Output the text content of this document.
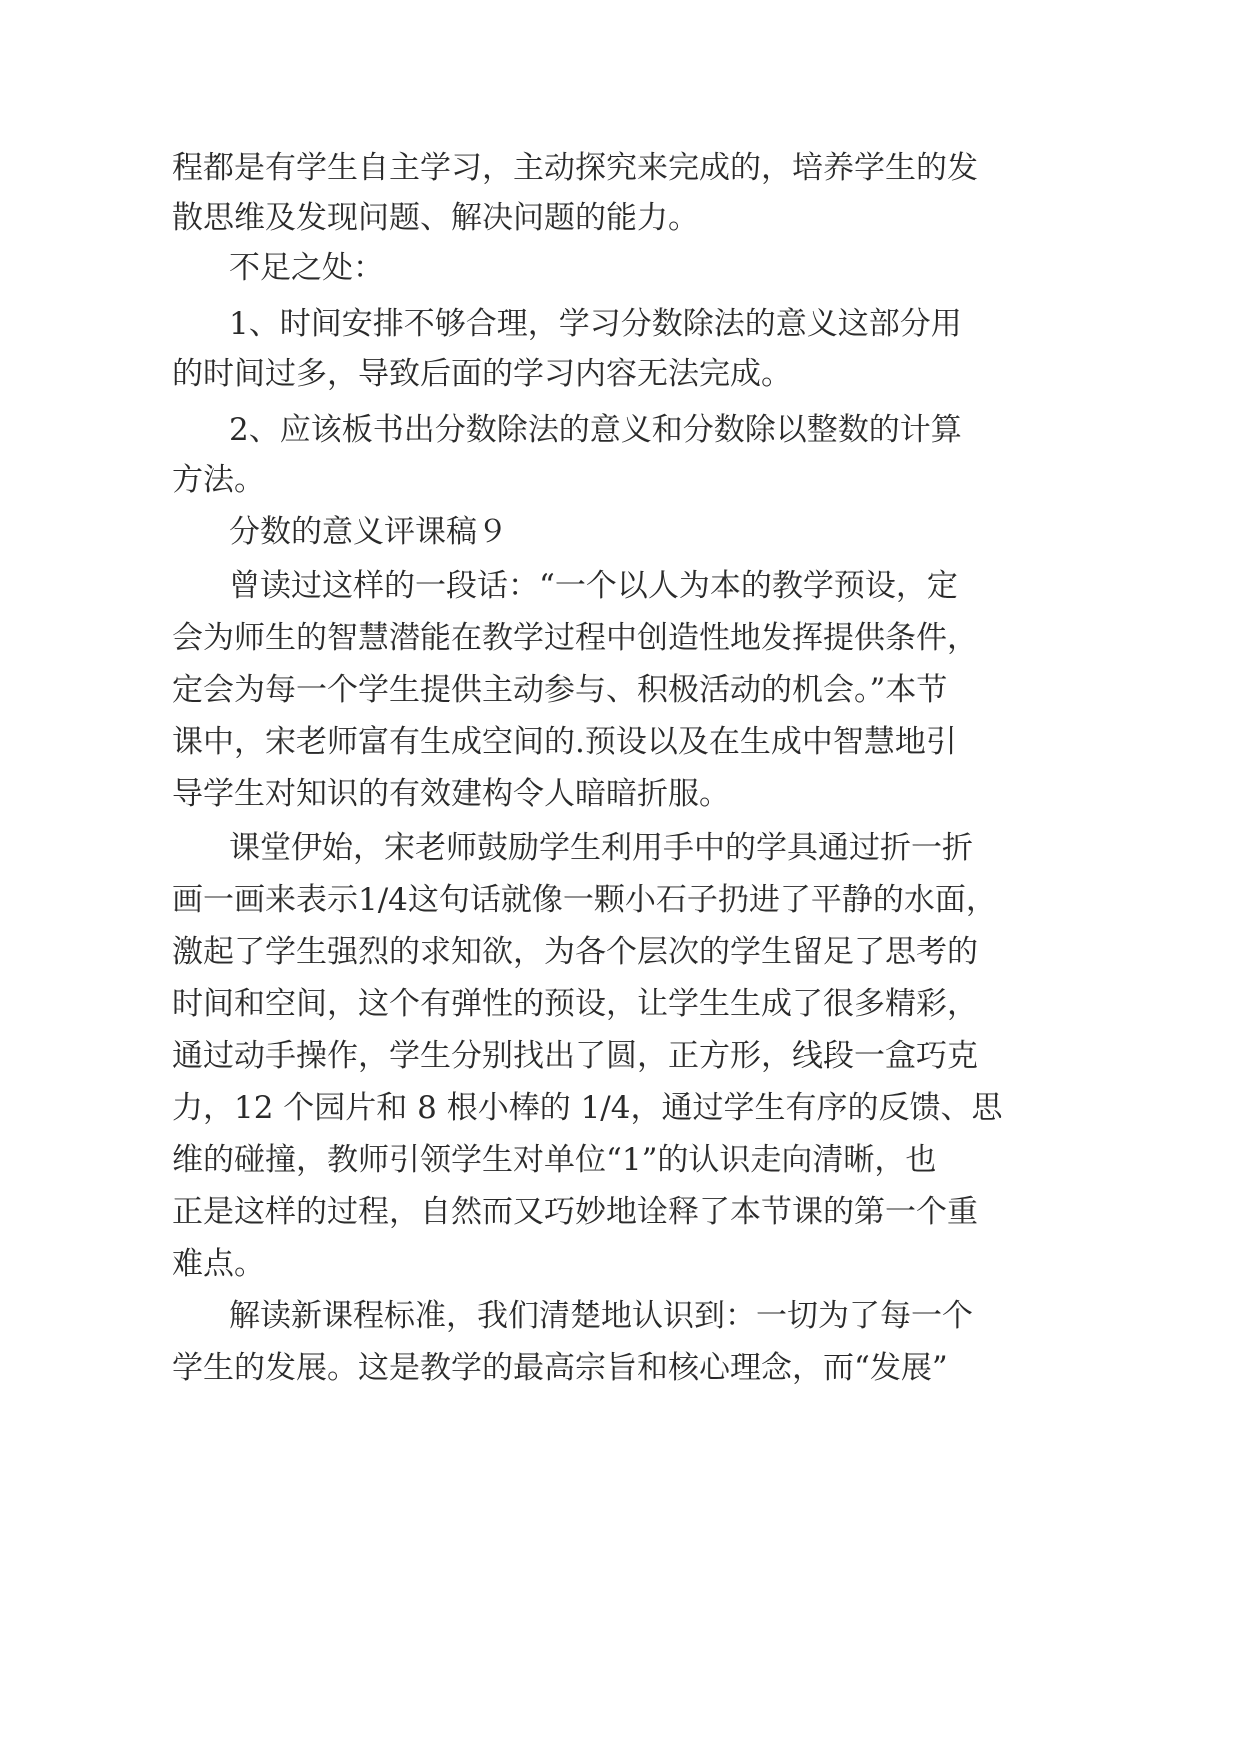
程都是有学生自主学习，主动探究来完成的，培养学生的发
散思维及发现问题、解决问题的能力。
不足之处：
1、时间安排不够合理，学习分数除法的意义这部分用
的时间过多，导致后面的学习内容无法完成。
2、应该板书出分数除法的意义和分数除以整数的计算
方法。
分数的意义评课稿９
曾读过这样的一段话：“一个以人为本的教学预设，定
会为师生的智慧潜能在教学过程中创造性地发挥提供条件，
定会为每一个学生提供主动参与、积极活动的机会。”本节
课中，宋老师富有生成空间的.预设以及在生成中智慧地引
导学生对知识的有效建构令人暗暗折服。
课堂伊始，宋老师鼓励学生利用手中的学具通过折一折
画一画来表示1/4这句话就像一颗小石子扔进了平静的水面，
激起了学生强烈的求知欲，为各个层次的学生留足了思考的
时间和空间，这个有弹性的预设，让学生生成了很多精彩，
通过动手操作，学生分别找出了圆，正方形，线段一盒巧克
力，12 个园片和 8 根小棒的 1/4，通过学生有序的反馈、思
维的碰撞，教师引领学生对单位“1”的认识走向清晰，也
正是这样的过程，自然而又巧妙地诠释了本节课的第一个重
难点。
解读新课程标准，我们清楚地认识到：一切为了每一个
学生的发展。这是教学的最高宗旨和核心理念，而“发展”
